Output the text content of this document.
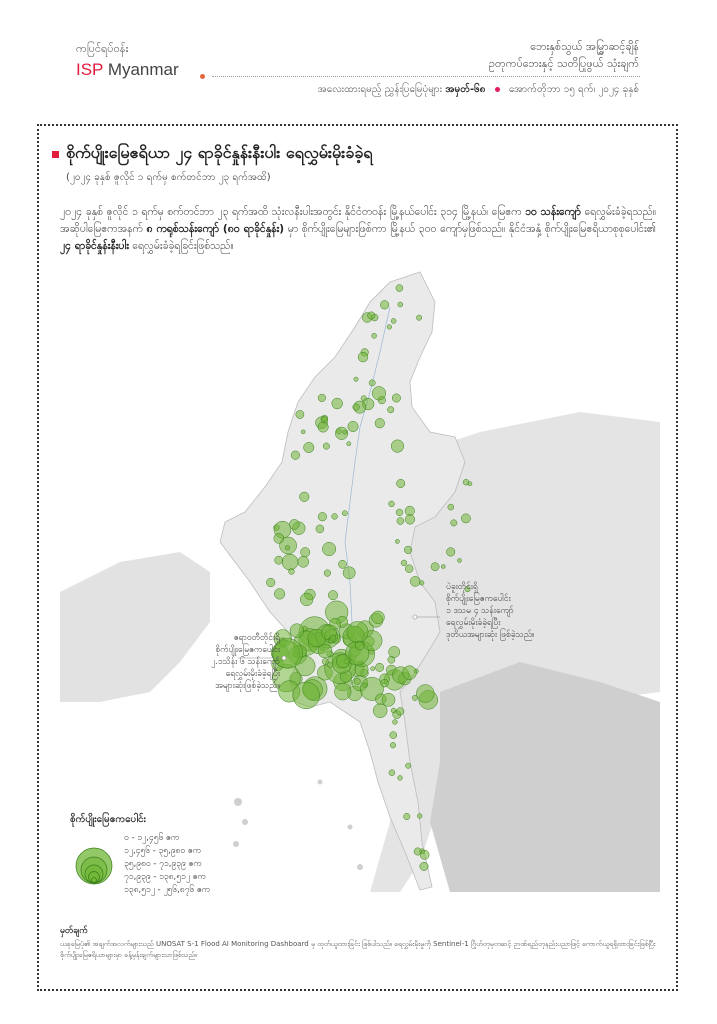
ကပြင်ရပ်ဝန်း
ISP Myanmar
ဘေးနှစ်သွယ် အမြွှာဆင့်ချိန်
ဥတုကပ်ဘေးနှင့် သတိပြုဖွယ် သုံးချက်
အလေးထားရမည့် ညွှန်းပြမြေပုံများ အမှတ်-၆၈ အောက်တိုဘာ ၁၅ ရက်၊ ၂၀၂၄ ခုနှစ်
စိုက်ပျိုးမြေဧရိယာ ၂၄ ရာခိုင်နှုန်းနီးပါး ရေလွှမ်းမိုးခံခဲ့ရ
(၂၀၂၄ ခုနှစ် ဇူလိုင် ၁ ရက်မှ စက်တင်ဘာ ၂၃ ရက်အထိ)
၂၀၂၄ ခုနှစ် ဇူလိုင် ၁ ရက်မှ စက်တင်ဘာ ၂၃ ရက်အထိ သုံးလနီးပါးအတွင်း နိုင်ငံတဝန်း မြို့နယ်ပေါင်း ၃၁၄ မြို့နယ်၊ မြေဧက ၁၀ သန်းကျော် ရေလွှမ်းခံခဲ့ရသည်။ အဆိုပါမြေဧကအနက် ၈ ကရုစ်သန်းကျော် (၈၀ ရာခိုင်နှုန်း) မှာ စိုက်ပျိုးမြေများဖြစ်ကာ မြို့နယ် ၃၀၀ ကျော်မှဖြစ်သည်။ နိုင်ငံအနှံ့ စိုက်ပျိုးမြေဧရိယာစုစုပေါင်း၏ ၂၄ ရာခိုင်နှုန်းနီးပါး ရေလွှမ်းခံခဲ့ရခြင်းဖြစ်သည်။
ဧရာဝတီတိုင်းရှိ
စိုက်ပျိုးမြေဧကပေါင်း
၂.၁သိန်း ၆ သန်းကျော်
ရေလွှမ်းမိုးခံခဲ့ရပြီး
အများဆုံးဖြစ်ခဲ့သည်။
ပဲခူးတိုင်းရှိ
စိုက်ပျိုးမြေဧကပေါင်း
၁ ဒသမ ၄ သန်းကျော်
ရေလွှမ်းမိုးခံခဲ့ရပြီး
ဒုတိယအများဆုံး ဖြစ်ခဲ့သည်။
စိုက်ပျိုးမြေဧကပေါင်း
၀ - ၁၂,၄၅၆ ဧက
၁၂,၄၅၆ - ၃၅,၉၈၀ ဧက
၃၅,၉၈၀ - ၇၁,၉၃၉ ဧက
၇၁,၉၃၉ - ၁၃၈,၅၁၂ ဧက
၁၃၈,၅၁၂ - ၂၅၆,၈၇၆ ဧက
မှတ်ချက်
ယခုမြေပုံ၏ အချက်အလက်များသည် UNOSAT S-1 Flood AI Monitoring Dashboard မှ ထုတ်ယူထားခြင်း ဖြစ်ပါသည်။ ရေလွှမ်းမိုးမှုကို Sentinel-1 ဂြိုဟ်တုမှတဆင့် ဉာဏ်ရည်တုနည်းပညာဖြင့် ကောက်ယူရရှိထားခြင်းဖြစ်ပြီး စိုက်ပျိုးမြေဧရိယာများမှာ ခန့်မှန်းချက်များသာဖြစ်သည်။
